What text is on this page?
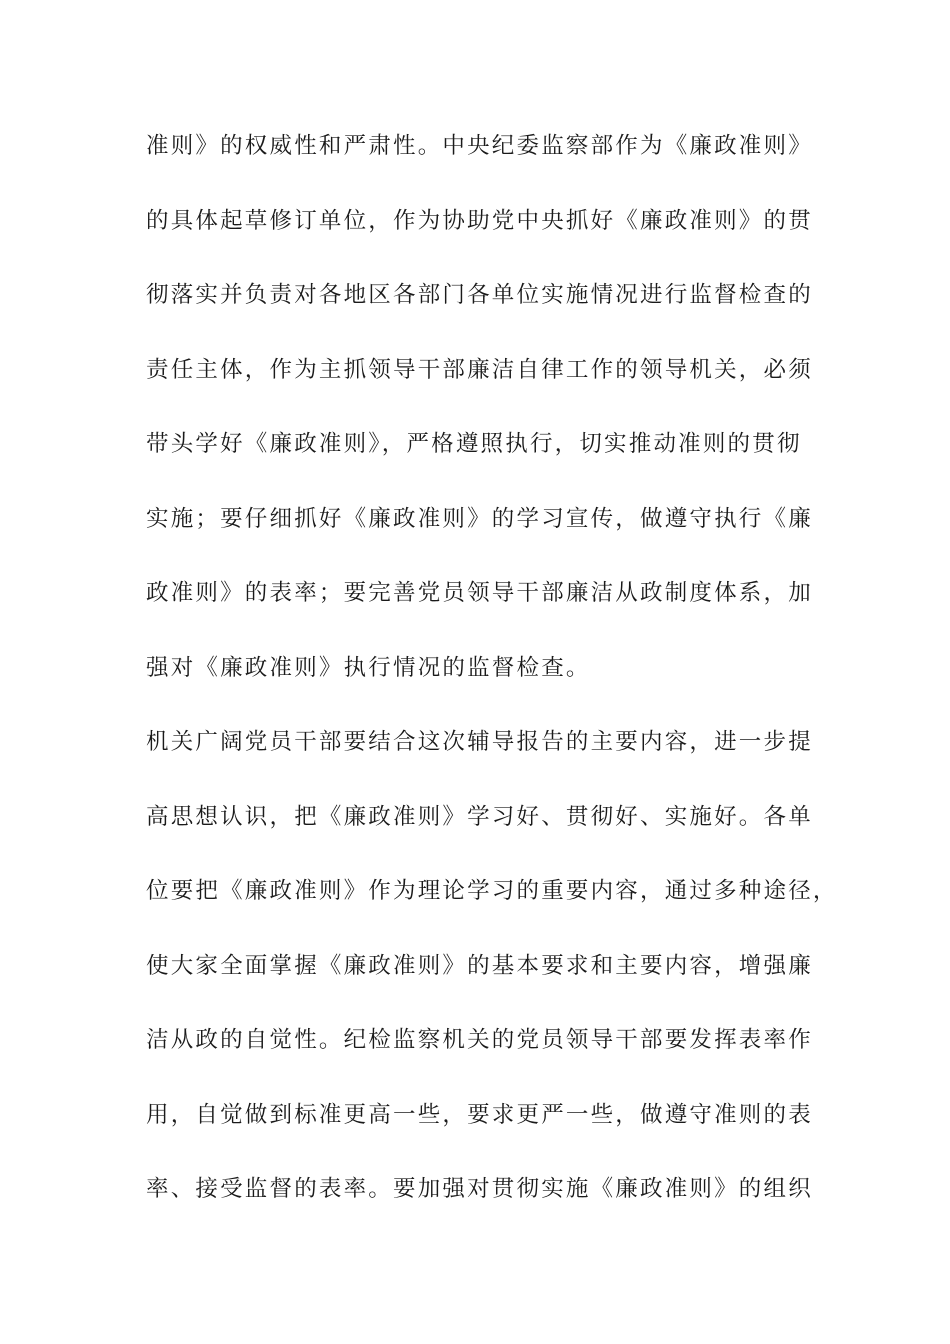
准则》的权威性和严肃性。中央纪委监察部作为《廉政准则》
的具体起草修订单位，作为协助党中央抓好《廉政准则》的贯
彻落实并负责对各地区各部门各单位实施情况进行监督检查的
责任主体，作为主抓领导干部廉洁自律工作的领导机关，必须
带头学好《廉政准则》，严格遵照执行，切实推动准则的贯彻
实施；要仔细抓好《廉政准则》的学习宣传，做遵守执行《廉
政准则》的表率；要完善党员领导干部廉洁从政制度体系，加
强对《廉政准则》执行情况的监督检查。
机关广阔党员干部要结合这次辅导报告的主要内容，进一步提
高思想认识，把《廉政准则》学习好、贯彻好、实施好。各单
位要把《廉政准则》作为理论学习的重要内容，通过多种途径，
使大家全面掌握《廉政准则》的基本要求和主要内容，增强廉
洁从政的自觉性。纪检监察机关的党员领导干部要发挥表率作
用，自觉做到标准更高一些，要求更严一些，做遵守准则的表
率、接受监督的表率。要加强对贯彻实施《廉政准则》的组织
